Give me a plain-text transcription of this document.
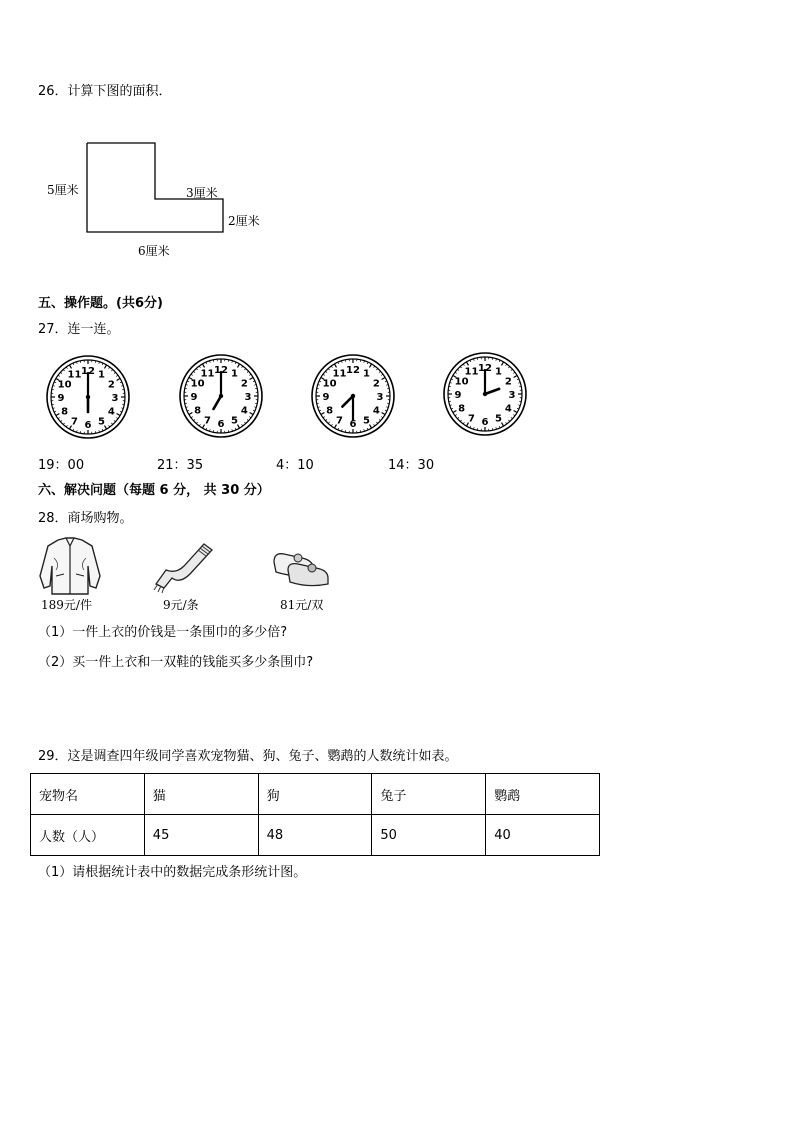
26．计算下图的面积．
5厘米	3厘米
2厘米
6厘米
五、操作题。(共6分)
27．连一连。
12 1
2
3
4
5
6
7
8
9
10
11	12 1
2
3
4
5
6
7
8
9
10
11	12 1
2
3
4
5
6
7
8
9
10
11
12 1
2
3
4
5
6
7
8
9
10
11
19：00	21：35	4：10	14：30
六、解决问题（每题 6 分， 共 30 分）
28．商场购物。
189元/件	9元/条	81元/双
（1）一件上衣的价钱是一条围巾的多少倍?
（2）买一件上衣和一双鞋的钱能买多少条围巾?
29．这是调查四年级同学喜欢宠物猫、狗、兔子、鹦鹉的人数统计如表。
宠物名	猫	狗	兔子	鹦鹉
人数（人）	45	48	50	40
（1）请根据统计表中的数据完成条形统计图。
